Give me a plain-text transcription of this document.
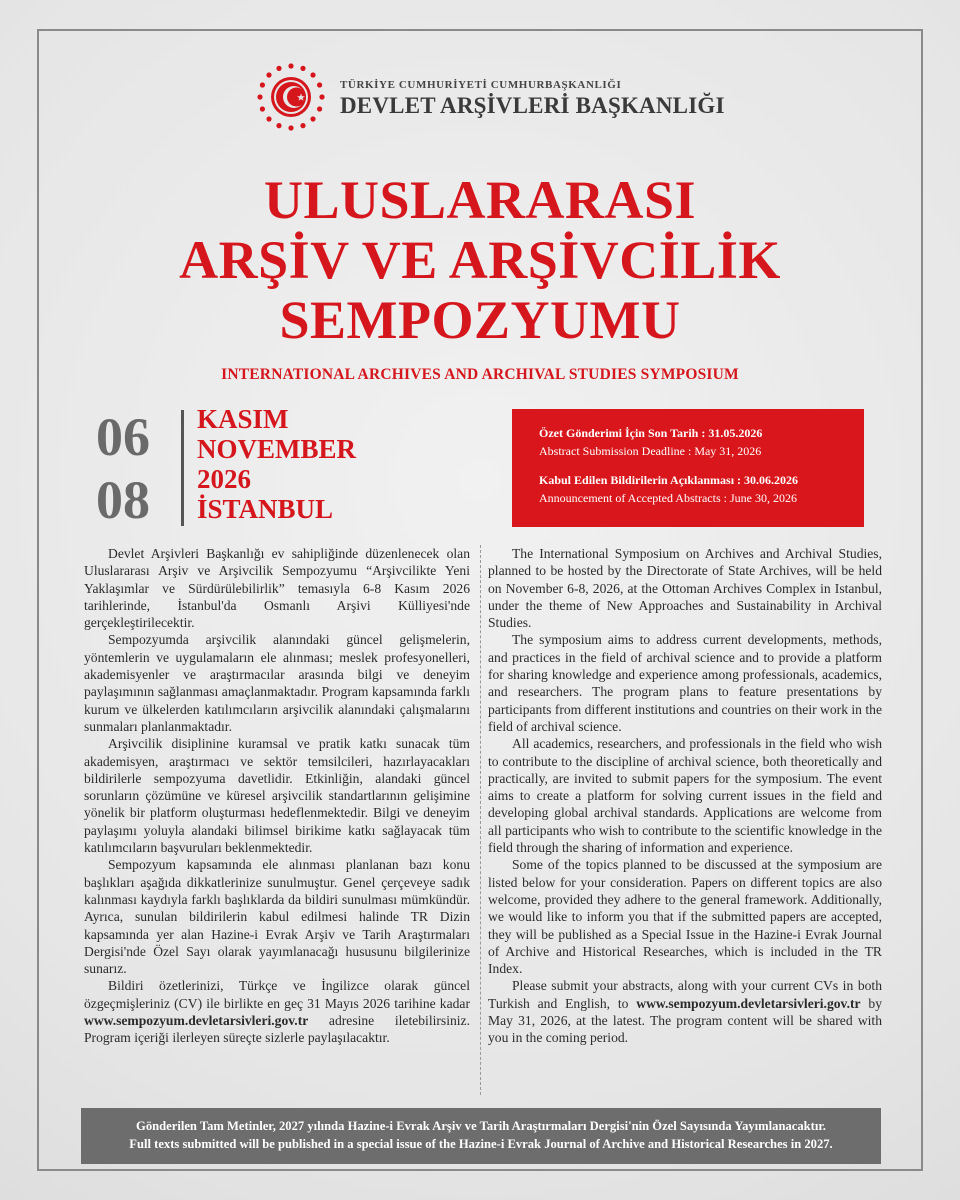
TÜRKİYE CUMHURİYETİ CUMHURBAŞKANLIĞI
DEVLET ARŞİVLERİ BAŞKANLIĞI
ULUSLARARASI
ARŞİV VE ARŞİVCİLİK
SEMPOZYUMU
INTERNATIONAL ARCHIVES AND ARCHIVAL STUDIES SYMPOSIUM
06
08
KASIM
NOVEMBER
2026
İSTANBUL
Özet Gönderimi İçin Son Tarih : 31.05.2026
Abstract Submission Deadline : May 31, 2026
Kabul Edilen Bildirilerin Açıklanması : 30.06.2026
Announcement of Accepted Abstracts : June 30, 2026

Devlet Arşivleri Başkanlığı ev sahipliğinde düzenlenecek olan Uluslararası Arşiv ve Arşivcilik Sempozyumu “Arşivcilikte Yeni Yaklaşımlar ve Sürdürülebilirlik” temasıyla 6-8 Kasım 2026 tarihlerinde, İstanbul'da Osmanlı Arşivi Külliyesi'nde gerçekleştirilecektir.

Sempozyumda arşivcilik alanındaki güncel gelişmelerin, yöntemlerin ve uygulamaların ele alınması; meslek profesyonelleri, akademisyenler ve araştırmacılar arasında bilgi ve deneyim paylaşımının sağlanması amaçlanmaktadır. Program kapsamında farklı kurum ve ülkelerden katılımcıların arşivcilik alanındaki çalışmalarını sunmaları planlanmaktadır.

Arşivcilik disiplinine kuramsal ve pratik katkı sunacak tüm akademisyen, araştırmacı ve sektör temsilcileri, hazırlayacakları bildirilerle sempozyuma davetlidir. Etkinliğin, alandaki güncel sorunların çözümüne ve küresel arşivcilik standartlarının gelişimine yönelik bir platform oluşturması hedeflenmektedir. Bilgi ve deneyim paylaşımı yoluyla alandaki bilimsel birikime katkı sağlayacak tüm katılımcıların başvuruları beklenmektedir.

Sempozyum kapsamında ele alınması planlanan bazı konu başlıkları aşağıda dikkatlerinize sunulmuştur. Genel çerçeveye sadık kalınması kaydıyla farklı başlıklarda da bildiri sunulması mümkündür. Ayrıca, sunulan bildirilerin kabul edilmesi halinde TR Dizin kapsamında yer alan Hazine-i Evrak Arşiv ve Tarih Araştırmaları Dergisi'nde Özel Sayı olarak yayımlanacağı hususunu bilgilerinize sunarız.

Bildiri özetlerinizi, Türkçe ve İngilizce olarak güncel özgeçmişleriniz (CV) ile birlikte en geç 31 Mayıs 2026 tarihine kadar www.sempozyum.devletarsivleri.gov.tr adresine iletebilirsiniz. Program içeriği ilerleyen süreçte sizlerle paylaşılacaktır.

The International Symposium on Archives and Archival Studies, planned to be hosted by the Directorate of State Archives, will be held on November 6-8, 2026, at the Ottoman Archives Complex in Istanbul, under the theme of New Approaches and Sustainability in Archival Studies.

The symposium aims to address current developments, methods, and practices in the field of archival science and to provide a platform for sharing knowledge and experience among professionals, academics, and researchers. The program plans to feature presentations by participants from different institutions and countries on their work in the field of archival science.

All academics, researchers, and professionals in the field who wish to contribute to the discipline of archival science, both theoretically and practically, are invited to submit papers for the symposium. The event aims to create a platform for solving current issues in the field and developing global archival standards. Applications are welcome from all participants who wish to contribute to the scientific knowledge in the field through the sharing of information and experience.

Some of the topics planned to be discussed at the symposium are listed below for your consideration. Papers on different topics are also welcome, provided they adhere to the general framework. Additionally, we would like to inform you that if the submitted papers are accepted, they will be published as a Special Issue in the Hazine-i Evrak Journal of Archive and Historical Researches, which is included in the TR Index.

Please submit your abstracts, along with your current CVs in both Turkish and English, to www.sempozyum.devletarsivleri.gov.tr by May 31, 2026, at the latest. The program content will be shared with you in the coming period.

Gönderilen Tam Metinler, 2027 yılında Hazine-i Evrak Arşiv ve Tarih Araştırmaları Dergisi'nin Özel Sayısında Yayımlanacaktır.
Full texts submitted will be published in a special issue of the Hazine-i Evrak Journal of Archive and Historical Researches in 2027.
